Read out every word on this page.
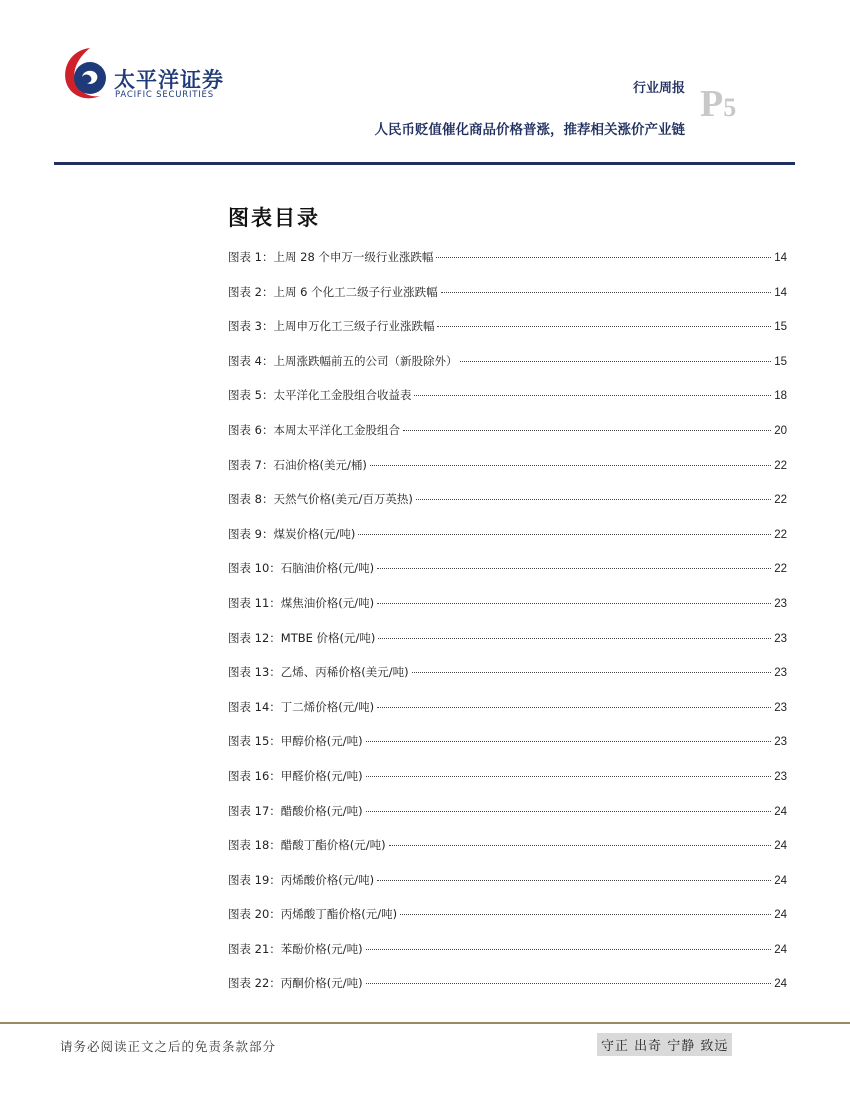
太平洋证券
PACIFIC SECURITIES	行业周报 P5
人民币贬值催化商品价格普涨，推荐相关涨价产业链
图表目录
图表 1：上周 28 个申万一级行业涨跌幅	14
图表 2：上周 6 个化工二级子行业涨跌幅	14
图表 3：上周申万化工三级子行业涨跌幅	15
图表 4：上周涨跌幅前五的公司（新股除外）	15
图表 5：太平洋化工金股组合收益表	18
图表 6：本周太平洋化工金股组合	20
图表 7：石油价格(美元/桶)	22
图表 8：天然气价格(美元/百万英热)	22
图表 9：煤炭价格(元/吨)	22
图表 10：石脑油价格(元/吨)	22
图表 11：煤焦油价格(元/吨)	23
图表 12：MTBE 价格(元/吨)	23
图表 13：乙烯、丙稀价格(美元/吨)	23
图表 14：丁二烯价格(元/吨)	23
图表 15：甲醇价格(元/吨)	23
图表 16：甲醛价格(元/吨)	23
图表 17：醋酸价格(元/吨)	24
图表 18：醋酸丁酯价格(元/吨)	24
图表 19：丙烯酸价格(元/吨)	24
图表 20：丙烯酸丁酯价格(元/吨)	24
图表 21：苯酚价格(元/吨)	24
图表 22：丙酮价格(元/吨)	24
请务必阅读正文之后的免责条款部分	守正 出奇 宁静 致远
